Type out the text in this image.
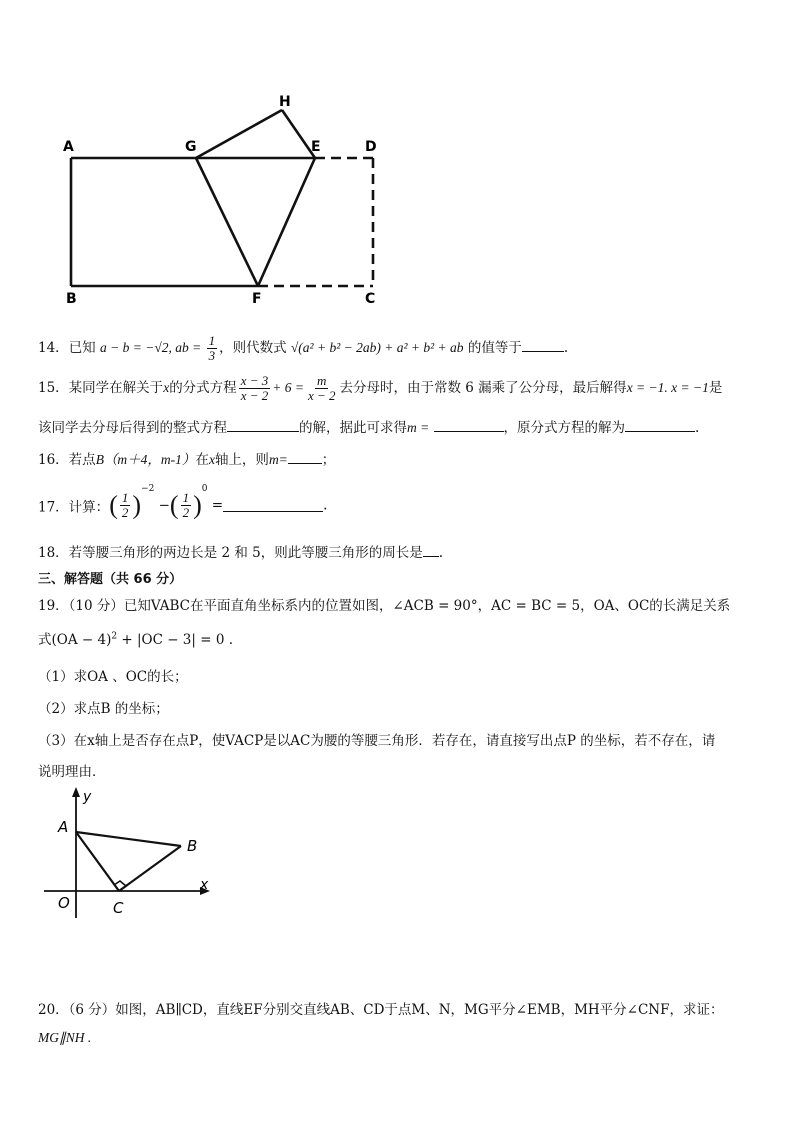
A	G
H
E	D
B	F	C
14．已知 a − b = −√2, ab = $\frac{1}{3}$ ，则代数式 √(a² + b² − 2ab) + a² + b² + ab 的值等于	.
15．某同学在解关于x的分式方程 $\frac{x - 3}{x - 2} + 6 = \frac{m}{x - 2}$ 去分母时，由于常数 6 漏乘了公分母，最后解得x = −1. x = −1是
该同学去分母后得到的整式方程	的解，据此可求得m =	，原分式方程的解为	.
16．若点B（m＋4，m-1）在x轴上，则m=	；
17．计算：( $\frac{1}{2} )^{-2}$ −( $\frac{1}{2} )^0$ =	.
18．若等腰三角形的两边长是 2 和 5，则此等腰三角形的周长是 .
三、解答题（共 66 分）
19．（10 分）已知VABC在平面直角坐标系内的位置如图，∠ACB = 90°，AC = BC = 5，OA、OC的长满足关系
式(OA − 4)$^2$ + |OC − 3| = 0 .
（1）求OA 、OC的长；
（2）求点B 的坐标；
（3）在x轴上是否存在点P，使VACP是以AC为腰的等腰三角形．若存在，请直接写出点P 的坐标，若不存在，请
说明理由．
y
A
B
x
O	C
20．（6 分）如图，AB∥CD，直线EF分别交直线AB、CD于点M、N，MG平分∠EMB，MH平分∠CNF，求证：
MG∥NH .
